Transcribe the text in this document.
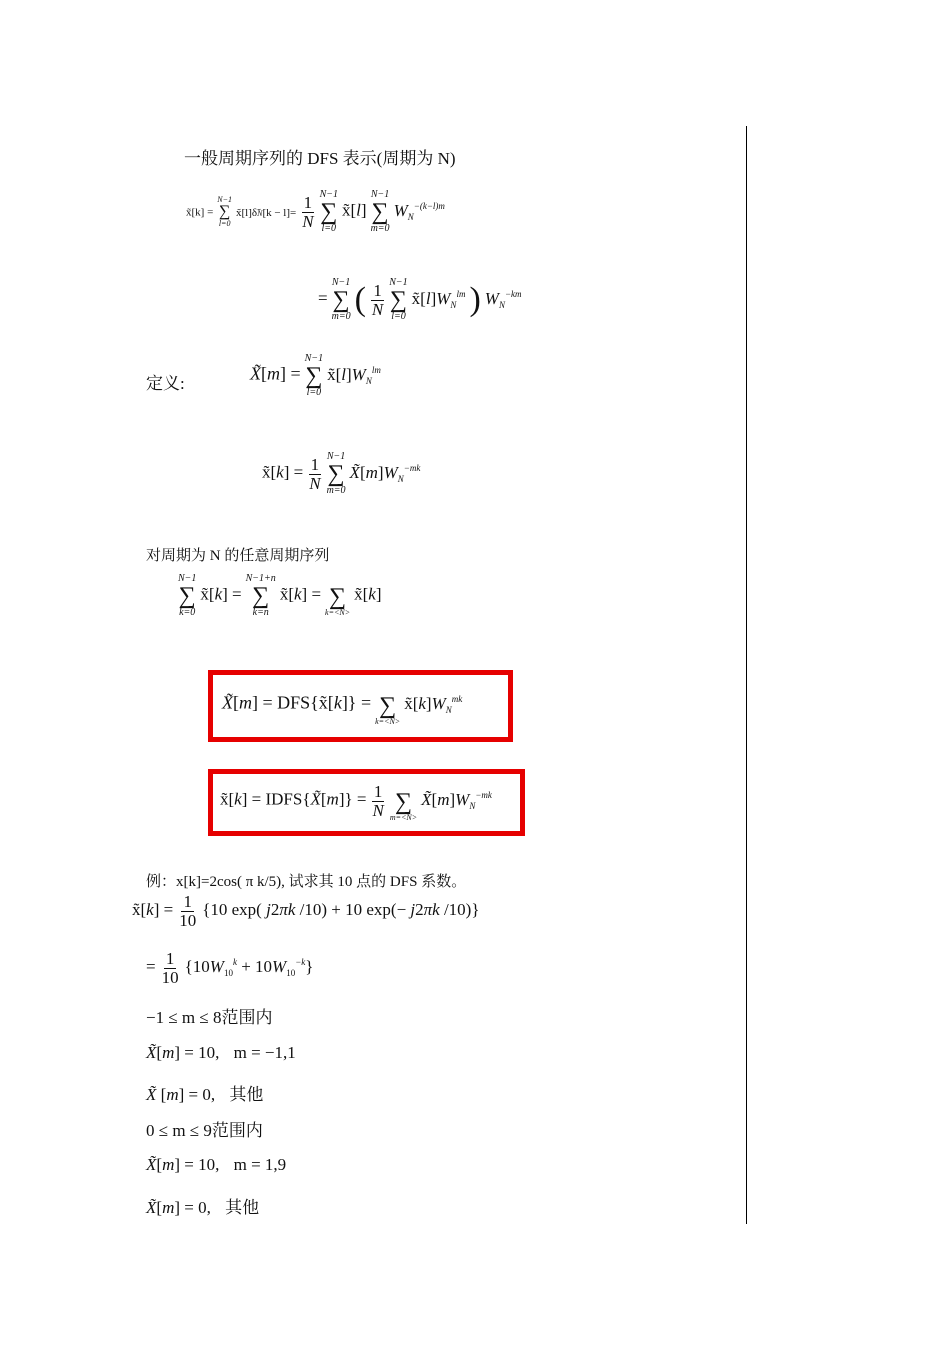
一般周期序列的 DFS 表示(周期为 N)
x̃[k] =
N−1
∑
l=0
x̃[l]δ̃N[k − $l]= \frac{1}{N}$
N−1
∑
l=0
x̃[l]
N−1
∑
m=0
$W_N^{-(k-l)m}$
=
N−1
∑
m=0 ( $\frac{1}{N}$
N−1
∑
l=0
$x̃[l]W_N^{lm}$ ) $W_N^{-km}$
定义:	X̃[m] =
N−1
∑
l=0
$x̃[l]W_N^{lm}$
x̃[k] = $\frac{1}{N}$
N−1
∑
m=0
$X̃[m]W_N^{-mk}$
对周期为 N 的任意周期序列
N−1
∑
k=0
x̃[k] =
N−1+n
∑
k=n
x̃[k] = ∑
k=<N>
x̃[k]
X̃[m] = DFS{x̃[k]} = ∑
k=<N>
$x̃[k]W_N^{mk}$
x̃[k] = IDFS{X̃[m]} = $\frac{1}{N}$
∑
m=<N>
$X̃[m]W_N^{-mk}$
例：x[k]=2cos( π k/5), 试求其 10 点的 DFS 系数。
x̃[k] = $\frac{1}{10} \{10$ exp( j2πk /10) + 10 exp(− j2πk /10)}
= $\frac{1}{10} \{10W_{10}^k + 10W_{10}^{-k}\}$
−1 ≤ m ≤ 8范围内
X̃[m] = 10, m = −1,1
X̃ [m] = 0, 其他
0 ≤ m ≤ 9范围内
X̃[m] = 10, m = 1,9
X̃[m] = 0, 其他
